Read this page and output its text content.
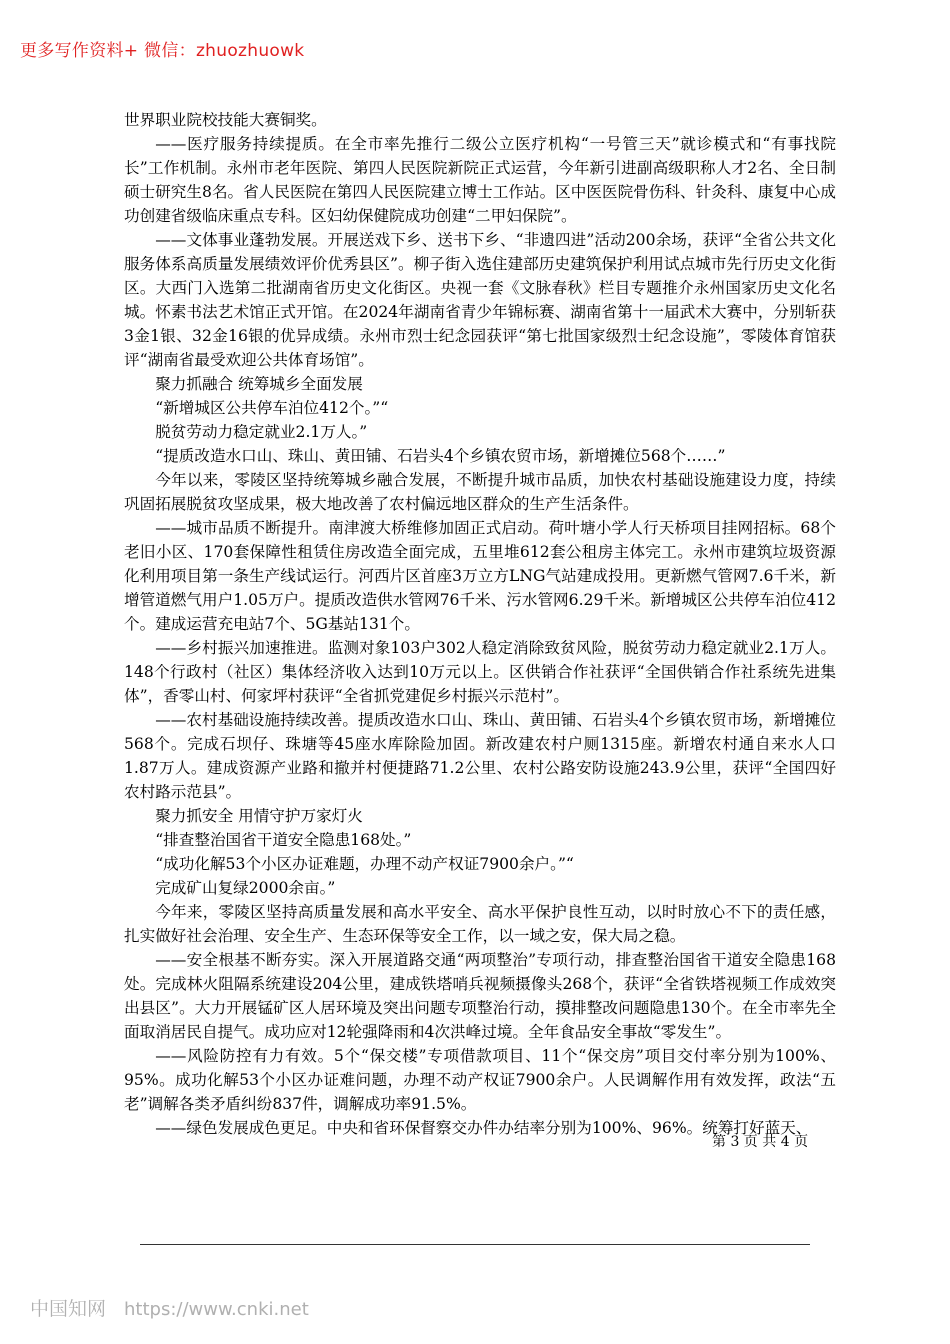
更多写作资料+ 微信：zhuozhuowk

世界职业院校技能大赛铜奖。

——医疗服务持续提质。在全市率先推行二级公立医疗机构“一号管三天”就诊模式和“有事找院长”工作机制。永州市老年医院、第四人民医院新院正式运营，今年新引进副高级职称人才2名、全日制硕士研究生8名。省人民医院在第四人民医院建立博士工作站。区中医医院骨伤科、针灸科、康复中心成功创建省级临床重点专科。区妇幼保健院成功创建“二甲妇保院”。

——文体事业蓬勃发展。开展送戏下乡、送书下乡、“非遗四进”活动200余场，获评“全省公共文化服务体系高质量发展绩效评价优秀县区”。柳子街入选住建部历史建筑保护利用试点城市先行历史文化街区。大西门入选第二批湖南省历史文化街区。央视一套《文脉春秋》栏目专题推介永州国家历史文化名城。怀素书法艺术馆正式开馆。在2024年湖南省青少年锦标赛、湖南省第十一届武术大赛中，分别斩获3金1银、32金16银的优异成绩。永州市烈士纪念园获评“第七批国家级烈士纪念设施”，零陵体育馆获评“湖南省最受欢迎公共体育场馆”。

聚力抓融合 统筹城乡全面发展

“新增城区公共停车泊位412个。”“

脱贫劳动力稳定就业2.1万人。”

“提质改造水口山、珠山、黄田铺、石岩头4个乡镇农贸市场，新增摊位568个……”

今年以来，零陵区坚持统筹城乡融合发展，不断提升城市品质，加快农村基础设施建设力度，持续巩固拓展脱贫攻坚成果，极大地改善了农村偏远地区群众的生产生活条件。

——城市品质不断提升。南津渡大桥维修加固正式启动。荷叶塘小学人行天桥项目挂网招标。68个老旧小区、170套保障性租赁住房改造全面完成，五里堆612套公租房主体完工。永州市建筑垃圾资源化利用项目第一条生产线试运行。河西片区首座3万立方LNG气站建成投用。更新燃气管网7.6千米，新增管道燃气用户1.05万户。提质改造供水管网76千米、污水管网6.29千米。新增城区公共停车泊位412个。建成运营充电站7个、5G基站131个。

——乡村振兴加速推进。监测对象103户302人稳定消除致贫风险，脱贫劳动力稳定就业2.1万人。148个行政村（社区）集体经济收入达到10万元以上。区供销合作社获评“全国供销合作社系统先进集体”，香零山村、何家坪村获评“全省抓党建促乡村振兴示范村”。

——农村基础设施持续改善。提质改造水口山、珠山、黄田铺、石岩头4个乡镇农贸市场，新增摊位568个。完成石坝仔、珠塘等45座水库除险加固。新改建农村户厕1315座。新增农村通自来水人口1.87万人。建成资源产业路和撤并村便捷路71.2公里、农村公路安防设施243.9公里，获评“全国四好农村路示范县”。

聚力抓安全 用情守护万家灯火

“排查整治国省干道安全隐患168处。”

“成功化解53个小区办证难题，办理不动产权证7900余户。”“

完成矿山复绿2000余亩。”

今年来，零陵区坚持高质量发展和高水平安全、高水平保护良性互动，以时时放心不下的责任感，扎实做好社会治理、安全生产、生态环保等安全工作，以一域之安，保大局之稳。

——安全根基不断夯实。深入开展道路交通“两项整治”专项行动，排查整治国省干道安全隐患168处。完成林火阻隔系统建设204公里，建成铁塔哨兵视频摄像头268个，获评“全省铁塔视频工作成效突出县区”。大力开展锰矿区人居环境及突出问题专项整治行动，摸排整改问题隐患130个。在全市率先全面取消居民自提气。成功应对12轮强降雨和4次洪峰过境。全年食品安全事故“零发生”。

——风险防控有力有效。5个“保交楼”专项借款项目、11个“保交房”项目交付率分别为100%、95%。成功化解53个小区办证难问题，办理不动产权证7900余户。人民调解作用有效发挥，政法“五老”调解各类矛盾纠纷837件，调解成功率91.5%。

——绿色发展成色更足。中央和省环保督察交办件办结率分别为100%、96%。统筹打好蓝天、

第 3 页 共 4 页
中国知网 https://www.cnki.net
